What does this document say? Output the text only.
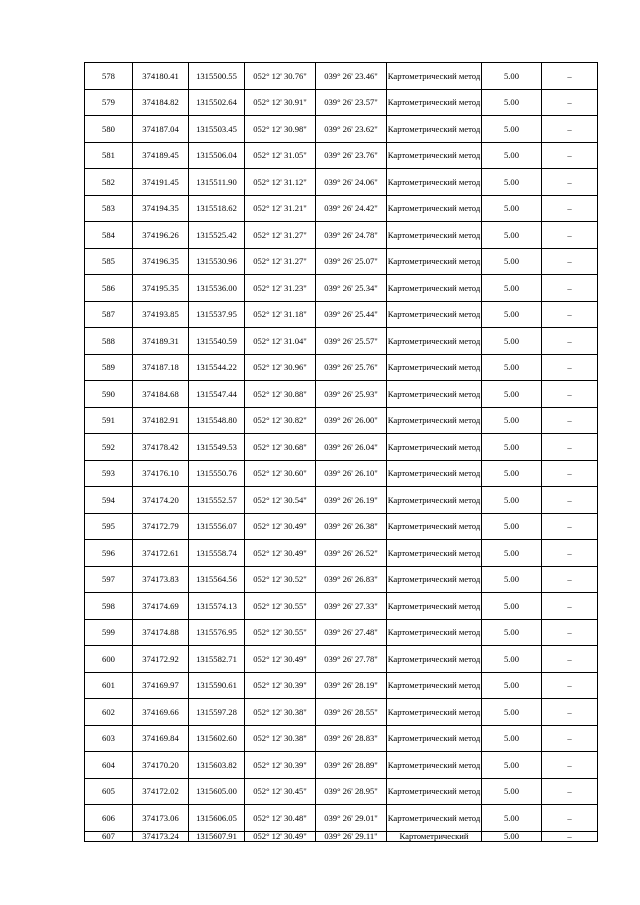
578	374180.41	1315500.55	052° 12' 30.76"	039° 26' 23.46"	Картометрический метод	5.00	–
579	374184.82	1315502.64	052° 12' 30.91"	039° 26' 23.57"	Картометрический метод	5.00	–
580	374187.04	1315503.45	052° 12' 30.98"	039° 26' 23.62"	Картометрический метод	5.00	–
581	374189.45	1315506.04	052° 12' 31.05"	039° 26' 23.76"	Картометрический метод	5.00	–
582	374191.45	1315511.90	052° 12' 31.12"	039° 26' 24.06"	Картометрический метод	5.00	–
583	374194.35	1315518.62	052° 12' 31.21"	039° 26' 24.42"	Картометрический метод	5.00	–
584	374196.26	1315525.42	052° 12' 31.27"	039° 26' 24.78"	Картометрический метод	5.00	–
585	374196.35	1315530.96	052° 12' 31.27"	039° 26' 25.07"	Картометрический метод	5.00	–
586	374195.35	1315536.00	052° 12' 31.23"	039° 26' 25.34"	Картометрический метод	5.00	–
587	374193.85	1315537.95	052° 12' 31.18"	039° 26' 25.44"	Картометрический метод	5.00	–
588	374189.31	1315540.59	052° 12' 31.04"	039° 26' 25.57"	Картометрический метод	5.00	–
589	374187.18	1315544.22	052° 12' 30.96"	039° 26' 25.76"	Картометрический метод	5.00	–
590	374184.68	1315547.44	052° 12' 30.88"	039° 26' 25.93"	Картометрический метод	5.00	–
591	374182.91	1315548.80	052° 12' 30.82"	039° 26' 26.00"	Картометрический метод	5.00	–
592	374178.42	1315549.53	052° 12' 30.68"	039° 26' 26.04"	Картометрический метод	5.00	–
593	374176.10	1315550.76	052° 12' 30.60"	039° 26' 26.10"	Картометрический метод	5.00	–
594	374174.20	1315552.57	052° 12' 30.54"	039° 26' 26.19"	Картометрический метод	5.00	–
595	374172.79	1315556.07	052° 12' 30.49"	039° 26' 26.38"	Картометрический метод	5.00	–
596	374172.61	1315558.74	052° 12' 30.49"	039° 26' 26.52"	Картометрический метод	5.00	–
597	374173.83	1315564.56	052° 12' 30.52"	039° 26' 26.83"	Картометрический метод	5.00	–
598	374174.69	1315574.13	052° 12' 30.55"	039° 26' 27.33"	Картометрический метод	5.00	–
599	374174.88	1315576.95	052° 12' 30.55"	039° 26' 27.48"	Картометрический метод	5.00	–
600	374172.92	1315582.71	052° 12' 30.49"	039° 26' 27.78"	Картометрический метод	5.00	–
601	374169.97	1315590.61	052° 12' 30.39"	039° 26' 28.19"	Картометрический метод	5.00	–
602	374169.66	1315597.28	052° 12' 30.38"	039° 26' 28.55"	Картометрический метод	5.00	–
603	374169.84	1315602.60	052° 12' 30.38"	039° 26' 28.83"	Картометрический метод	5.00	–
604	374170.20	1315603.82	052° 12' 30.39"	039° 26' 28.89"	Картометрический метод	5.00	–
605	374172.02	1315605.00	052° 12' 30.45"	039° 26' 28.95"	Картометрический метод	5.00	–
606	374173.06	1315606.05	052° 12' 30.48"	039° 26' 29.01"	Картометрический метод	5.00	–
607	374173.24	1315607.91	052° 12' 30.49"	039° 26' 29.11"	Картометрический	5.00	–
